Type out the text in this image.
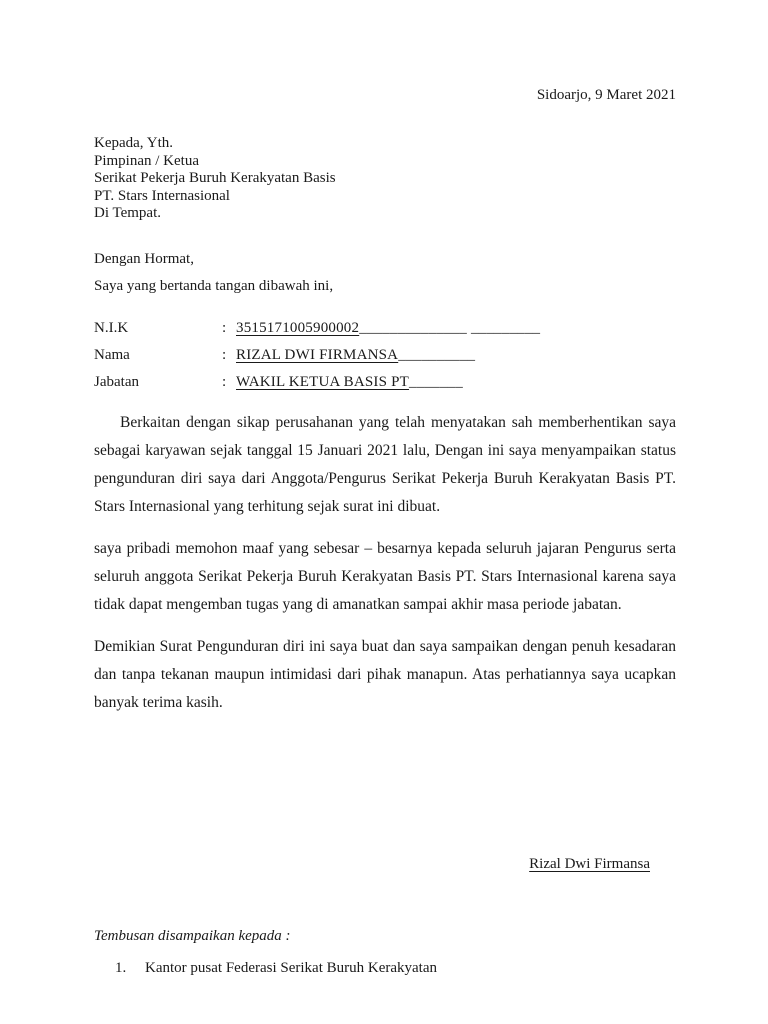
Sidoarjo, 9 Maret 2021
Kepada, Yth.
Pimpinan / Ketua
Serikat Pekerja Buruh Kerakyatan Basis
PT. Stars Internasional
Di Tempat.
Dengan Hormat,
Saya yang bertanda tangan dibawah ini,
N.I.K	: 3515171005900002 ______________ _________
Nama	: RIZAL DWI FIRMANSA __________
Jabatan	: WAKIL KETUA BASIS PT _______

Berkaitan dengan sikap perusahanan yang telah menyatakan sah memberhentikan saya sebagai karyawan sejak tanggal 15 Januari 2021 lalu, Dengan ini saya menyampaikan status pengunduran diri saya dari Anggota/Pengurus Serikat Pekerja Buruh Kerakyatan Basis PT. Stars Internasional yang terhitung sejak surat ini dibuat.

saya pribadi memohon maaf yang sebesar – besarnya kepada seluruh jajaran Pengurus serta seluruh anggota Serikat Pekerja Buruh Kerakyatan Basis PT. Stars Internasional karena saya tidak dapat mengemban tugas yang di amanatkan sampai akhir masa periode jabatan.

Demikian Surat Pengunduran diri ini saya buat dan saya sampaikan dengan penuh kesadaran dan tanpa tekanan maupun intimidasi dari pihak manapun. Atas perhatiannya saya ucapkan banyak terima kasih.

Rizal Dwi Firmansa
Tembusan disampaikan kepada :
1.	Kantor pusat Federasi Serikat Buruh Kerakyatan
